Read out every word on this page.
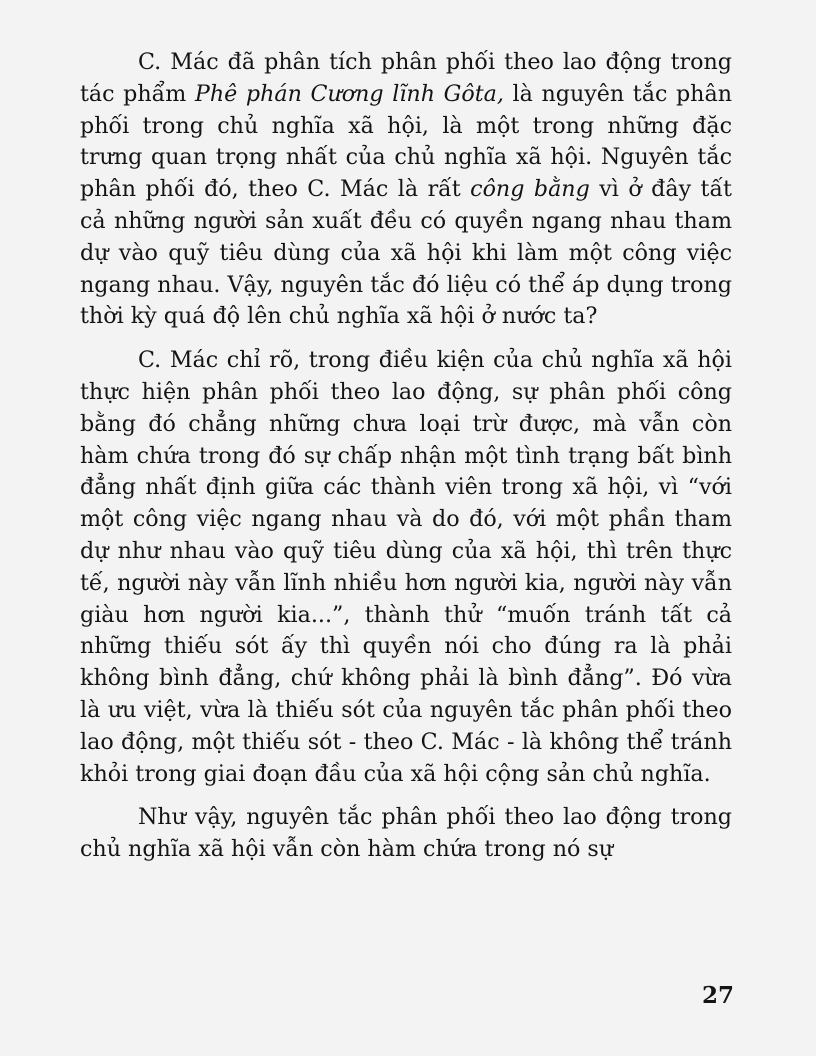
C. Mác đã phân tích phân phối theo lao động trong tác phẩm Phê phán Cương lĩnh Gôta, là nguyên tắc phân phối trong chủ nghĩa xã hội, là một trong những đặc trưng quan trọng nhất của chủ nghĩa xã hội. Nguyên tắc phân phối đó, theo C. Mác là rất công bằng vì ở đây tất cả những người sản xuất đều có quyền ngang nhau tham dự vào quỹ tiêu dùng của xã hội khi làm một công việc ngang nhau. Vậy, nguyên tắc đó liệu có thể áp dụng trong thời kỳ quá độ lên chủ nghĩa xã hội ở nước ta?

C. Mác chỉ rõ, trong điều kiện của chủ nghĩa xã hội thực hiện phân phối theo lao động, sự phân phối công bằng đó chẳng những chưa loại trừ được, mà vẫn còn hàm chứa trong đó sự chấp nhận một tình trạng bất bình đẳng nhất định giữa các thành viên trong xã hội, vì “với một công việc ngang nhau và do đó, với một phần tham dự như nhau vào quỹ tiêu dùng của xã hội, thì trên thực tế, người này vẫn lĩnh nhiều hơn người kia, người này vẫn giàu hơn người kia...”, thành thử “muốn tránh tất cả những thiếu sót ấy thì quyền nói cho đúng ra là phải không bình đẳng, chứ không phải là bình đẳng”. Đó vừa là ưu việt, vừa là thiếu sót của nguyên tắc phân phối theo lao động, một thiếu sót - theo C. Mác - là không thể tránh khỏi trong giai đoạn đầu của xã hội cộng sản chủ nghĩa.

Như vậy, nguyên tắc phân phối theo lao động trong chủ nghĩa xã hội vẫn còn hàm chứa trong nó sự

27
